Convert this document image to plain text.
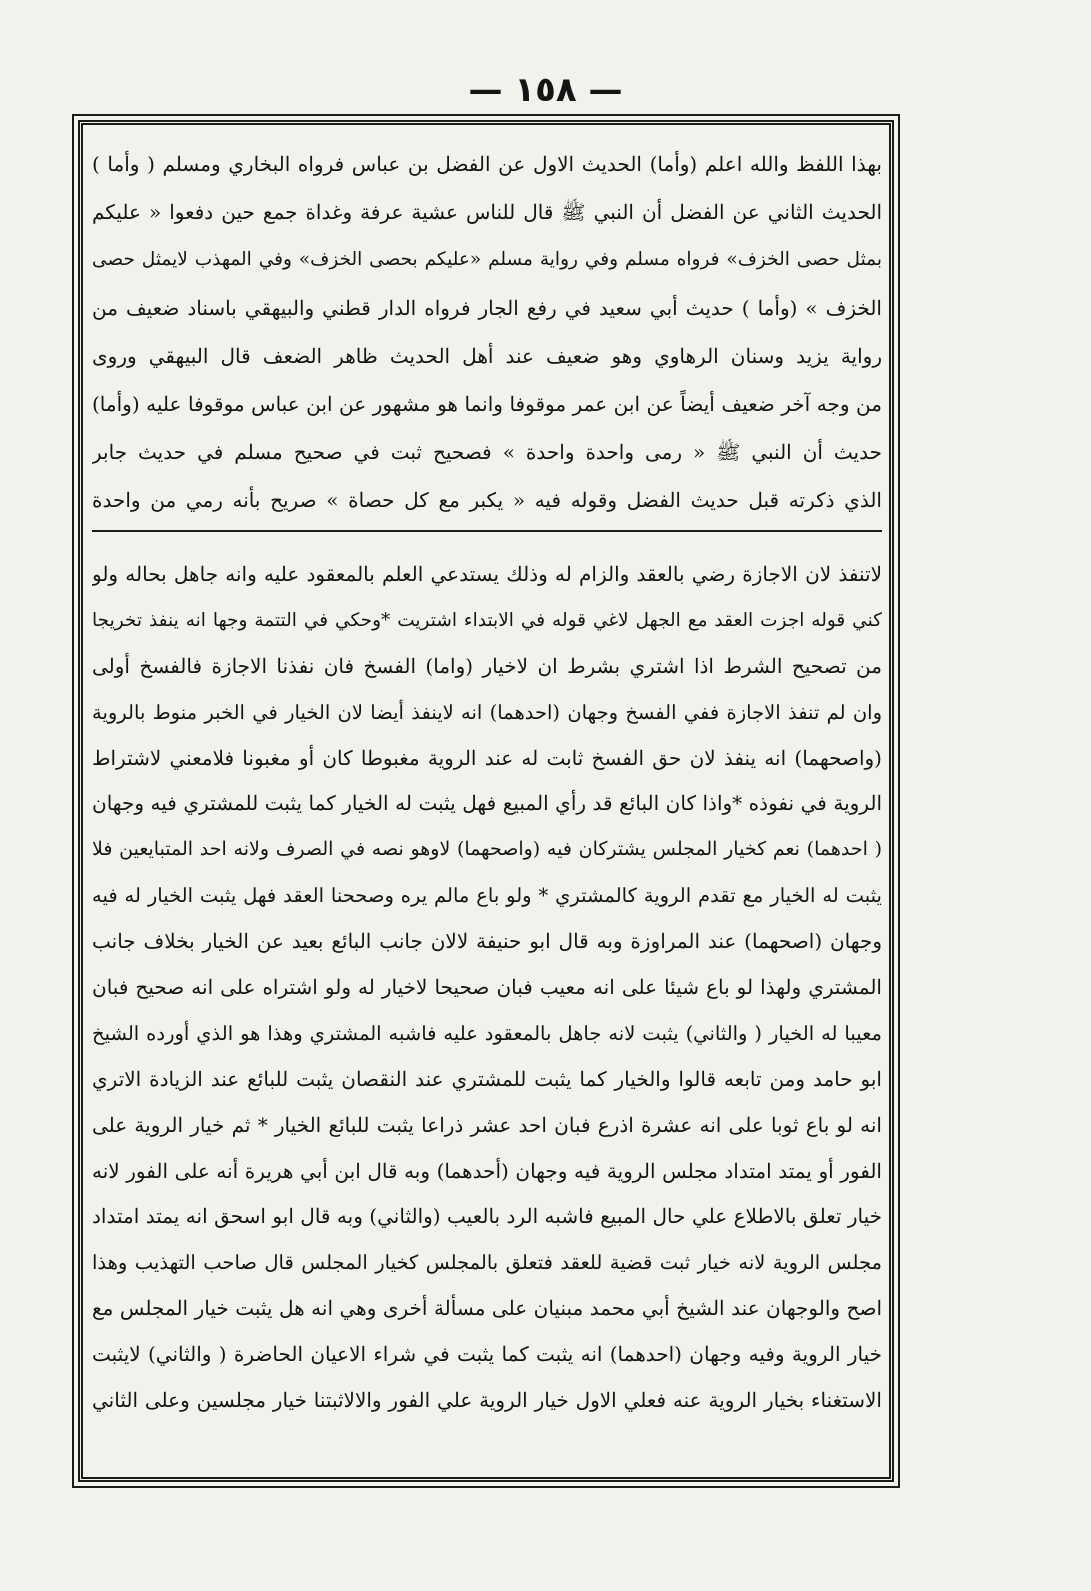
— ١٥٨ —
بهذا اللفظ والله اعلم (وأما) الحديث الاول عن الفضل بن عباس فرواه البخاري ومسلم ( وأما )
الحديث الثاني عن الفضل أن النبي ﷺ قال للناس عشية عرفة وغداة جمع حين دفعوا « عليكم
بمثل حصى الخزف» فرواه مسلم وفي رواية مسلم «عليكم بحصى الخزف» وفي المهذب لايمثل حصى
الخزف » (وأما ) حديث أبي سعيد في رفع الجار فرواه الدار قطني والبيهقي باسناد ضعيف من
رواية يزيد وسنان الرهاوي وهو ضعيف عند أهل الحديث ظاهر الضعف قال البيهقي وروى
من وجه آخر ضعيف أيضاً عن ابن عمر موقوفا وانما هو مشهور عن ابن عباس موقوفا عليه (وأما)
حديث أن النبي ﷺ « رمى واحدة واحدة » فصحيح ثبت في صحيح مسلم في حديث جابر
الذي ذكرته قبل حديث الفضل وقوله فيه « يكبر مع كل حصاة » صريح بأنه رمي من واحدة
لاتنفذ لان الاجازة رضي بالعقد والزام له وذلك يستدعي العلم بالمعقود عليه وانه جاهل بحاله ولو
كني قوله اجزت العقد مع الجهل لاغي قوله في الابتداء اشتريت *وحكي في التتمة وجها انه ينفذ تخريجا
من تصحيح الشرط اذا اشتري بشرط ان لاخيار (واما) الفسخ فان نفذنا الاجازة فالفسخ أولى
وان لم تنفذ الاجازة ففي الفسخ وجهان (احدهما) انه لاينفذ أيضا لان الخيار في الخبر منوط بالروية
(واصحهما) انه ينفذ لان حق الفسخ ثابت له عند الروية مغبوطا كان أو مغبونا فلامعني لاشتراط
الروية في نفوذه *واذا كان البائع قد رأي المبيع فهل يثبت له الخيار كما يثبت للمشتري فيه وجهان
( احدهما) نعم كخيار المجلس يشتركان فيه (واصحهما) لاوهو نصه في الصرف ولانه احد المتبايعين فلا
يثبت له الخيار مع تقدم الروية كالمشتري * ولو باع مالم يره وصححنا العقد فهل يثبت الخيار له فيه
وجهان (اصحهما) عند المراوزة وبه قال ابو حنيفة لالان جانب البائع بعيد عن الخيار بخلاف جانب
المشتري ولهذا لو باع شيئا على انه معيب فبان صحيحا لاخيار له ولو اشتراه على انه صحيح فبان
معيبا له الخيار ( والثاني) يثبت لانه جاهل بالمعقود عليه فاشبه المشتري وهذا هو الذي أورده الشيخ
ابو حامد ومن تابعه قالوا والخيار كما يثبت للمشتري عند النقصان يثبت للبائع عند الزيادة الاتري
انه لو باع ثوبا على انه عشرة اذرع فبان احد عشر ذراعا يثبت للبائع الخيار * ثم خيار الروية على
الفور أو يمتد امتداد مجلس الروية فيه وجهان (أحدهما) وبه قال ابن أبي هريرة أنه على الفور لانه
خيار تعلق بالاطلاع علي حال المبيع فاشبه الرد بالعيب (والثاني) وبه قال ابو اسحق انه يمتد امتداد
مجلس الروية لانه خيار ثبت قضية للعقد فتعلق بالمجلس كخيار المجلس قال صاحب التهذيب وهذا
اصح والوجهان عند الشيخ أبي محمد مبنيان على مسألة أخرى وهي انه هل يثبت خيار المجلس مع
خيار الروية وفيه وجهان (احدهما) انه يثبت كما يثبت في شراء الاعيان الحاضرة ( والثاني) لايثبت
الاستغناء بخيار الروية عنه فعلي الاول خيار الروية علي الفور والالاثبتنا خيار مجلسين وعلى الثاني
